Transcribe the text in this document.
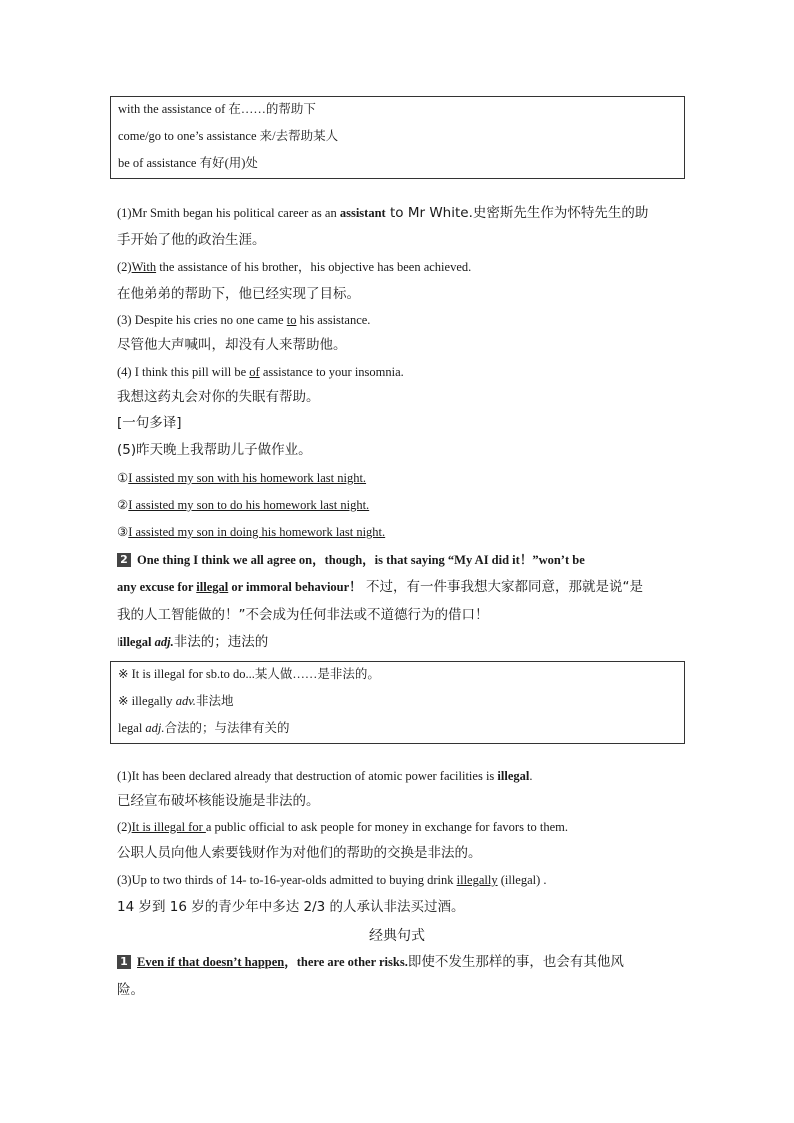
with the assistance of 在……的帮助下
come/go to one’s assistance 来/去帮助某人
be of assistance 有好(用)处
(1)Mr Smith began his political career as an assistant to Mr White.史密斯先生作为怀特先生的助
手开始了他的政治生涯。
(2)With the assistance of his brother，his objective has been achieved.
在他弟弟的帮助下，他已经实现了目标。
(3) Despite his cries no one came to his assistance.
尽管他大声喊叫，却没有人来帮助他。
(4) I think this pill will be of assistance to your insomnia.
我想这药丸会对你的失眠有帮助。
[一句多译]
(5)昨天晚上我帮助儿子做作业。
①I assisted my son with his homework last night.
②I assisted my son to do his homework last night.
③I assisted my son in doing his homework last night.
2 One thing I think we all agree on，though，is that saying “My AI did it！”won’t be
any excuse for illegal or immoral behaviour！ 不过，有一件事我想大家都同意，那就是说“是
我的人工智能做的！”不会成为任何非法或不道德行为的借口！
ǀillegal adj.非法的；违法的
※ It is illegal for sb.to do...某人做……是非法的。
※ illegally adv.非法地
legal adj.合法的；与法律有关的
(1)It has been declared already that destruction of atomic power facilities is illegal.
已经宣布破坏核能设施是非法的。
(2)It is illegal for a public official to ask people for money in exchange for favors to them.
公职人员向他人索要钱财作为对他们的帮助的交换是非法的。
(3)Up to two thirds of 14- to-16-year-olds admitted to buying drink illegally (illegal) .
14 岁到 16 岁的青少年中多达 2/3 的人承认非法买过酒。
经典句式
1 Even if that doesn’t happen，there are other risks.即使不发生那样的事，也会有其他风
险。
